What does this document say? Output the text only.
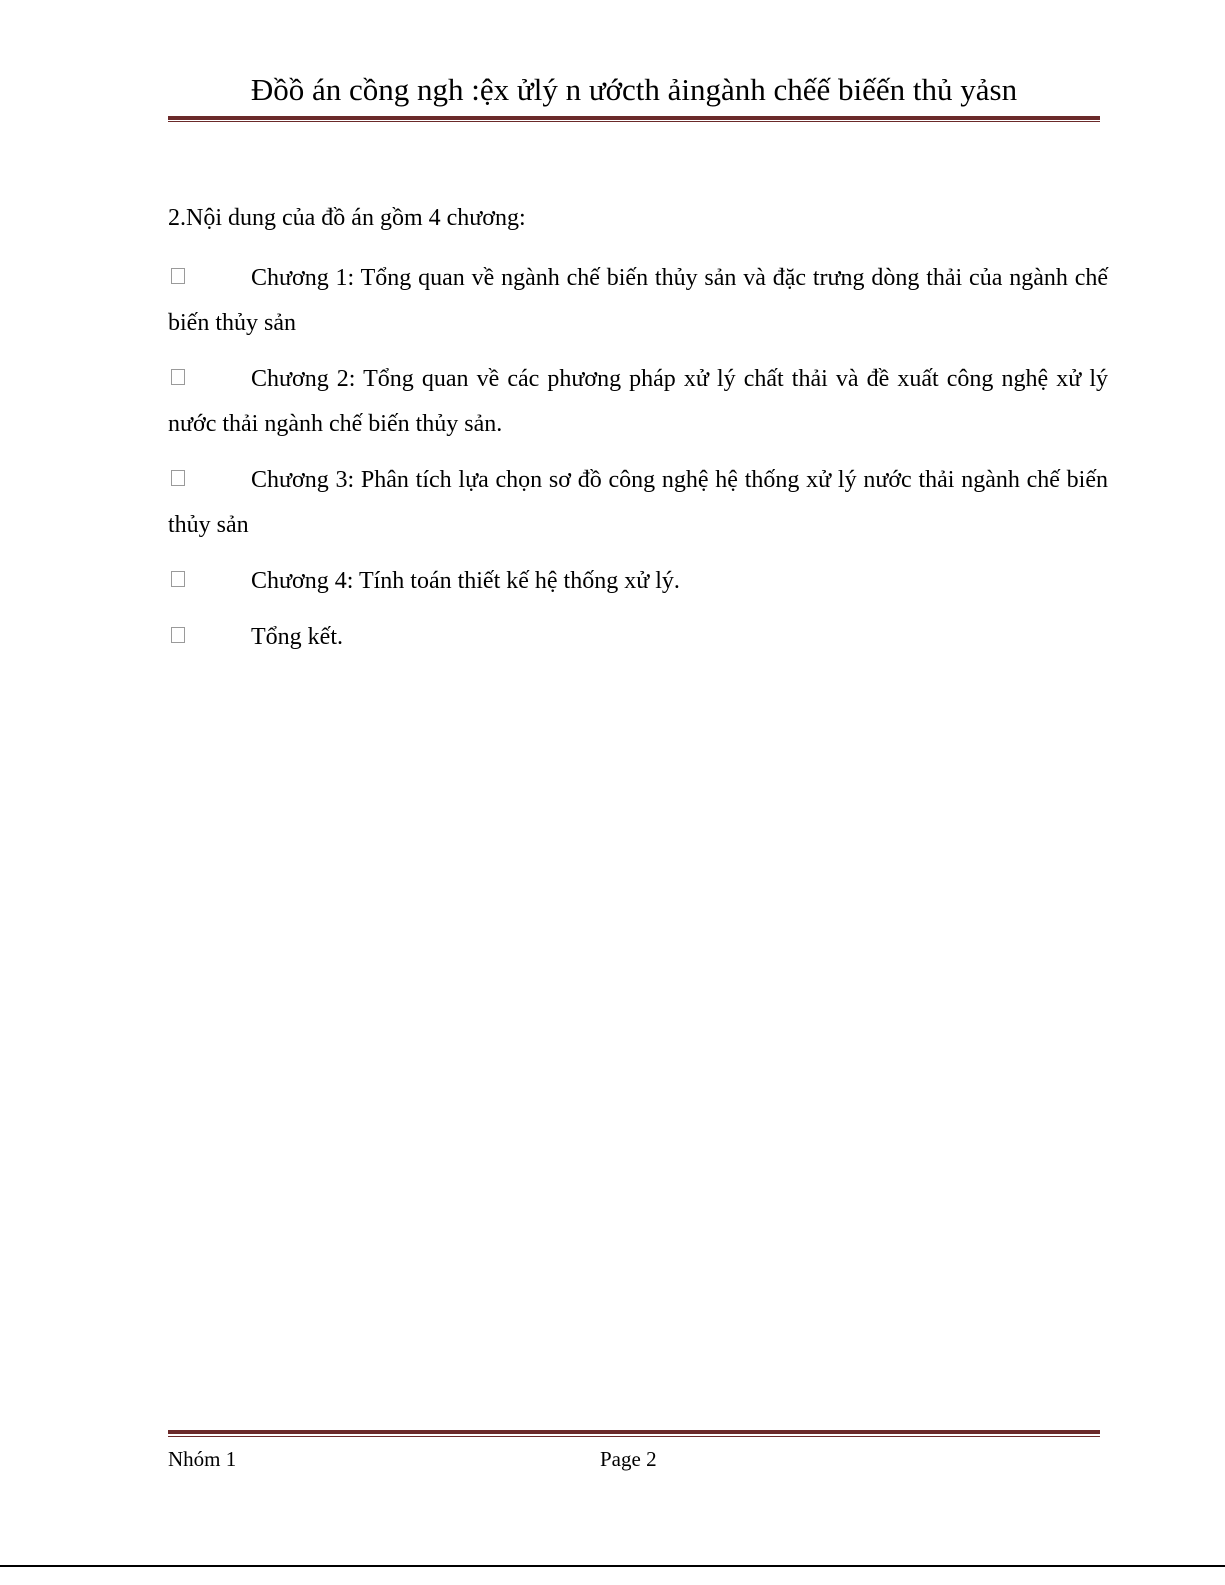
Đồồ án cồng ngh :ệx ửlý n ướcth ảingành chếế biếến thủ yảsn
2.Nội dung của đồ án gồm 4 chương:
Chương 1: Tổng quan về ngành chế biến thủy sản và đặc trưng dòng thải của ngành chế biến thủy sản
Chương 2: Tổng quan về các phương pháp xử lý chất thải và đề xuất công nghệ xử lý nước thải ngành chế biến thủy sản.
Chương 3: Phân tích lựa chọn sơ đồ công nghệ hệ thống xử lý nước thải ngành chế biến thủy sản
Chương 4: Tính toán thiết kế hệ thống xử lý.
Tổng kết.
Nhóm 1	Page 2
